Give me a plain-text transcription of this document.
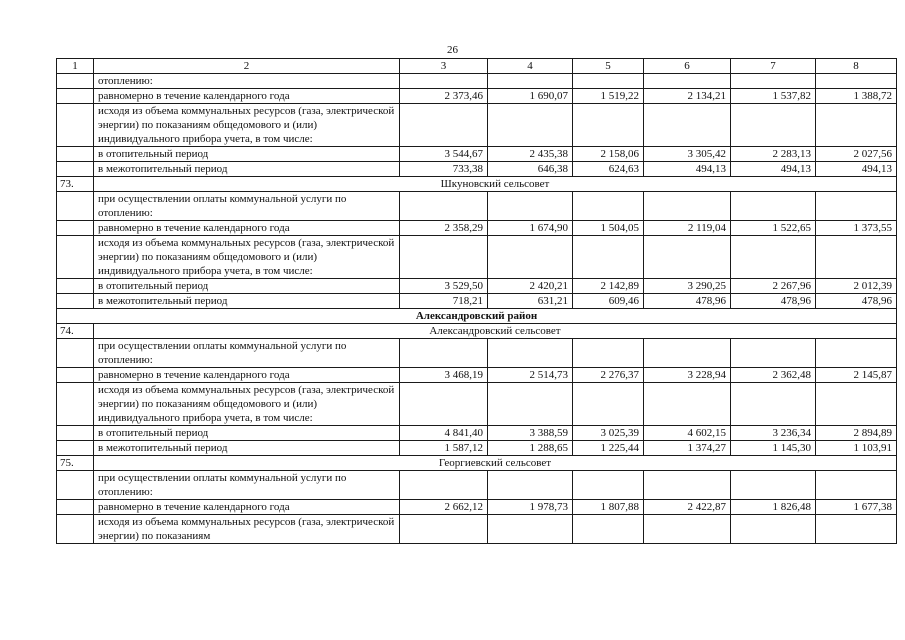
26
1	2	3	4	5	6	7	8
	отоплению:						
	равномерно в течение календарного года	2 373,46	1 690,07	1 519,22	2 134,21	1 537,82	1 388,72
	исходя из объема коммунальных ресурсов (газа, электрической энергии) по показаниям общедомового и (или) индивидуального прибора учета, в том числе:						
	в отопительный период	3 544,67	2 435,38	2 158,06	3 305,42	2 283,13	2 027,56
	в межотопительный период	733,38	646,38	624,63	494,13	494,13	494,13
73.	Шкуновский сельсовет						
	при осуществлении оплаты коммунальной услуги по отоплению:						
	равномерно в течение календарного года	2 358,29	1 674,90	1 504,05	2 119,04	1 522,65	1 373,55
	исходя из объема коммунальных ресурсов (газа, электрической энергии) по показаниям общедомового и (или) индивидуального прибора учета, в том числе:						
	в отопительный период	3 529,50	2 420,21	2 142,89	3 290,25	2 267,96	2 012,39
	в межотопительный период	718,21	631,21	609,46	478,96	478,96	478,96
Александровский район							
74.	Александровский сельсовет						
	при осуществлении оплаты коммунальной услуги по отоплению:						
	равномерно в течение календарного года	3 468,19	2 514,73	2 276,37	3 228,94	2 362,48	2 145,87
	исходя из объема коммунальных ресурсов (газа, электрической энергии) по показаниям общедомового и (или) индивидуального прибора учета, в том числе:						
	в отопительный период	4 841,40	3 388,59	3 025,39	4 602,15	3 236,34	2 894,89
	в межотопительный период	1 587,12	1 288,65	1 225,44	1 374,27	1 145,30	1 103,91
75.	Георгиевский сельсовет						
	при осуществлении оплаты коммунальной услуги по отоплению:						
	равномерно в течение календарного года	2 662,12	1 978,73	1 807,88	2 422,87	1 826,48	1 677,38
	исходя из объема коммунальных ресурсов (газа, электрической энергии) по показаниям						
